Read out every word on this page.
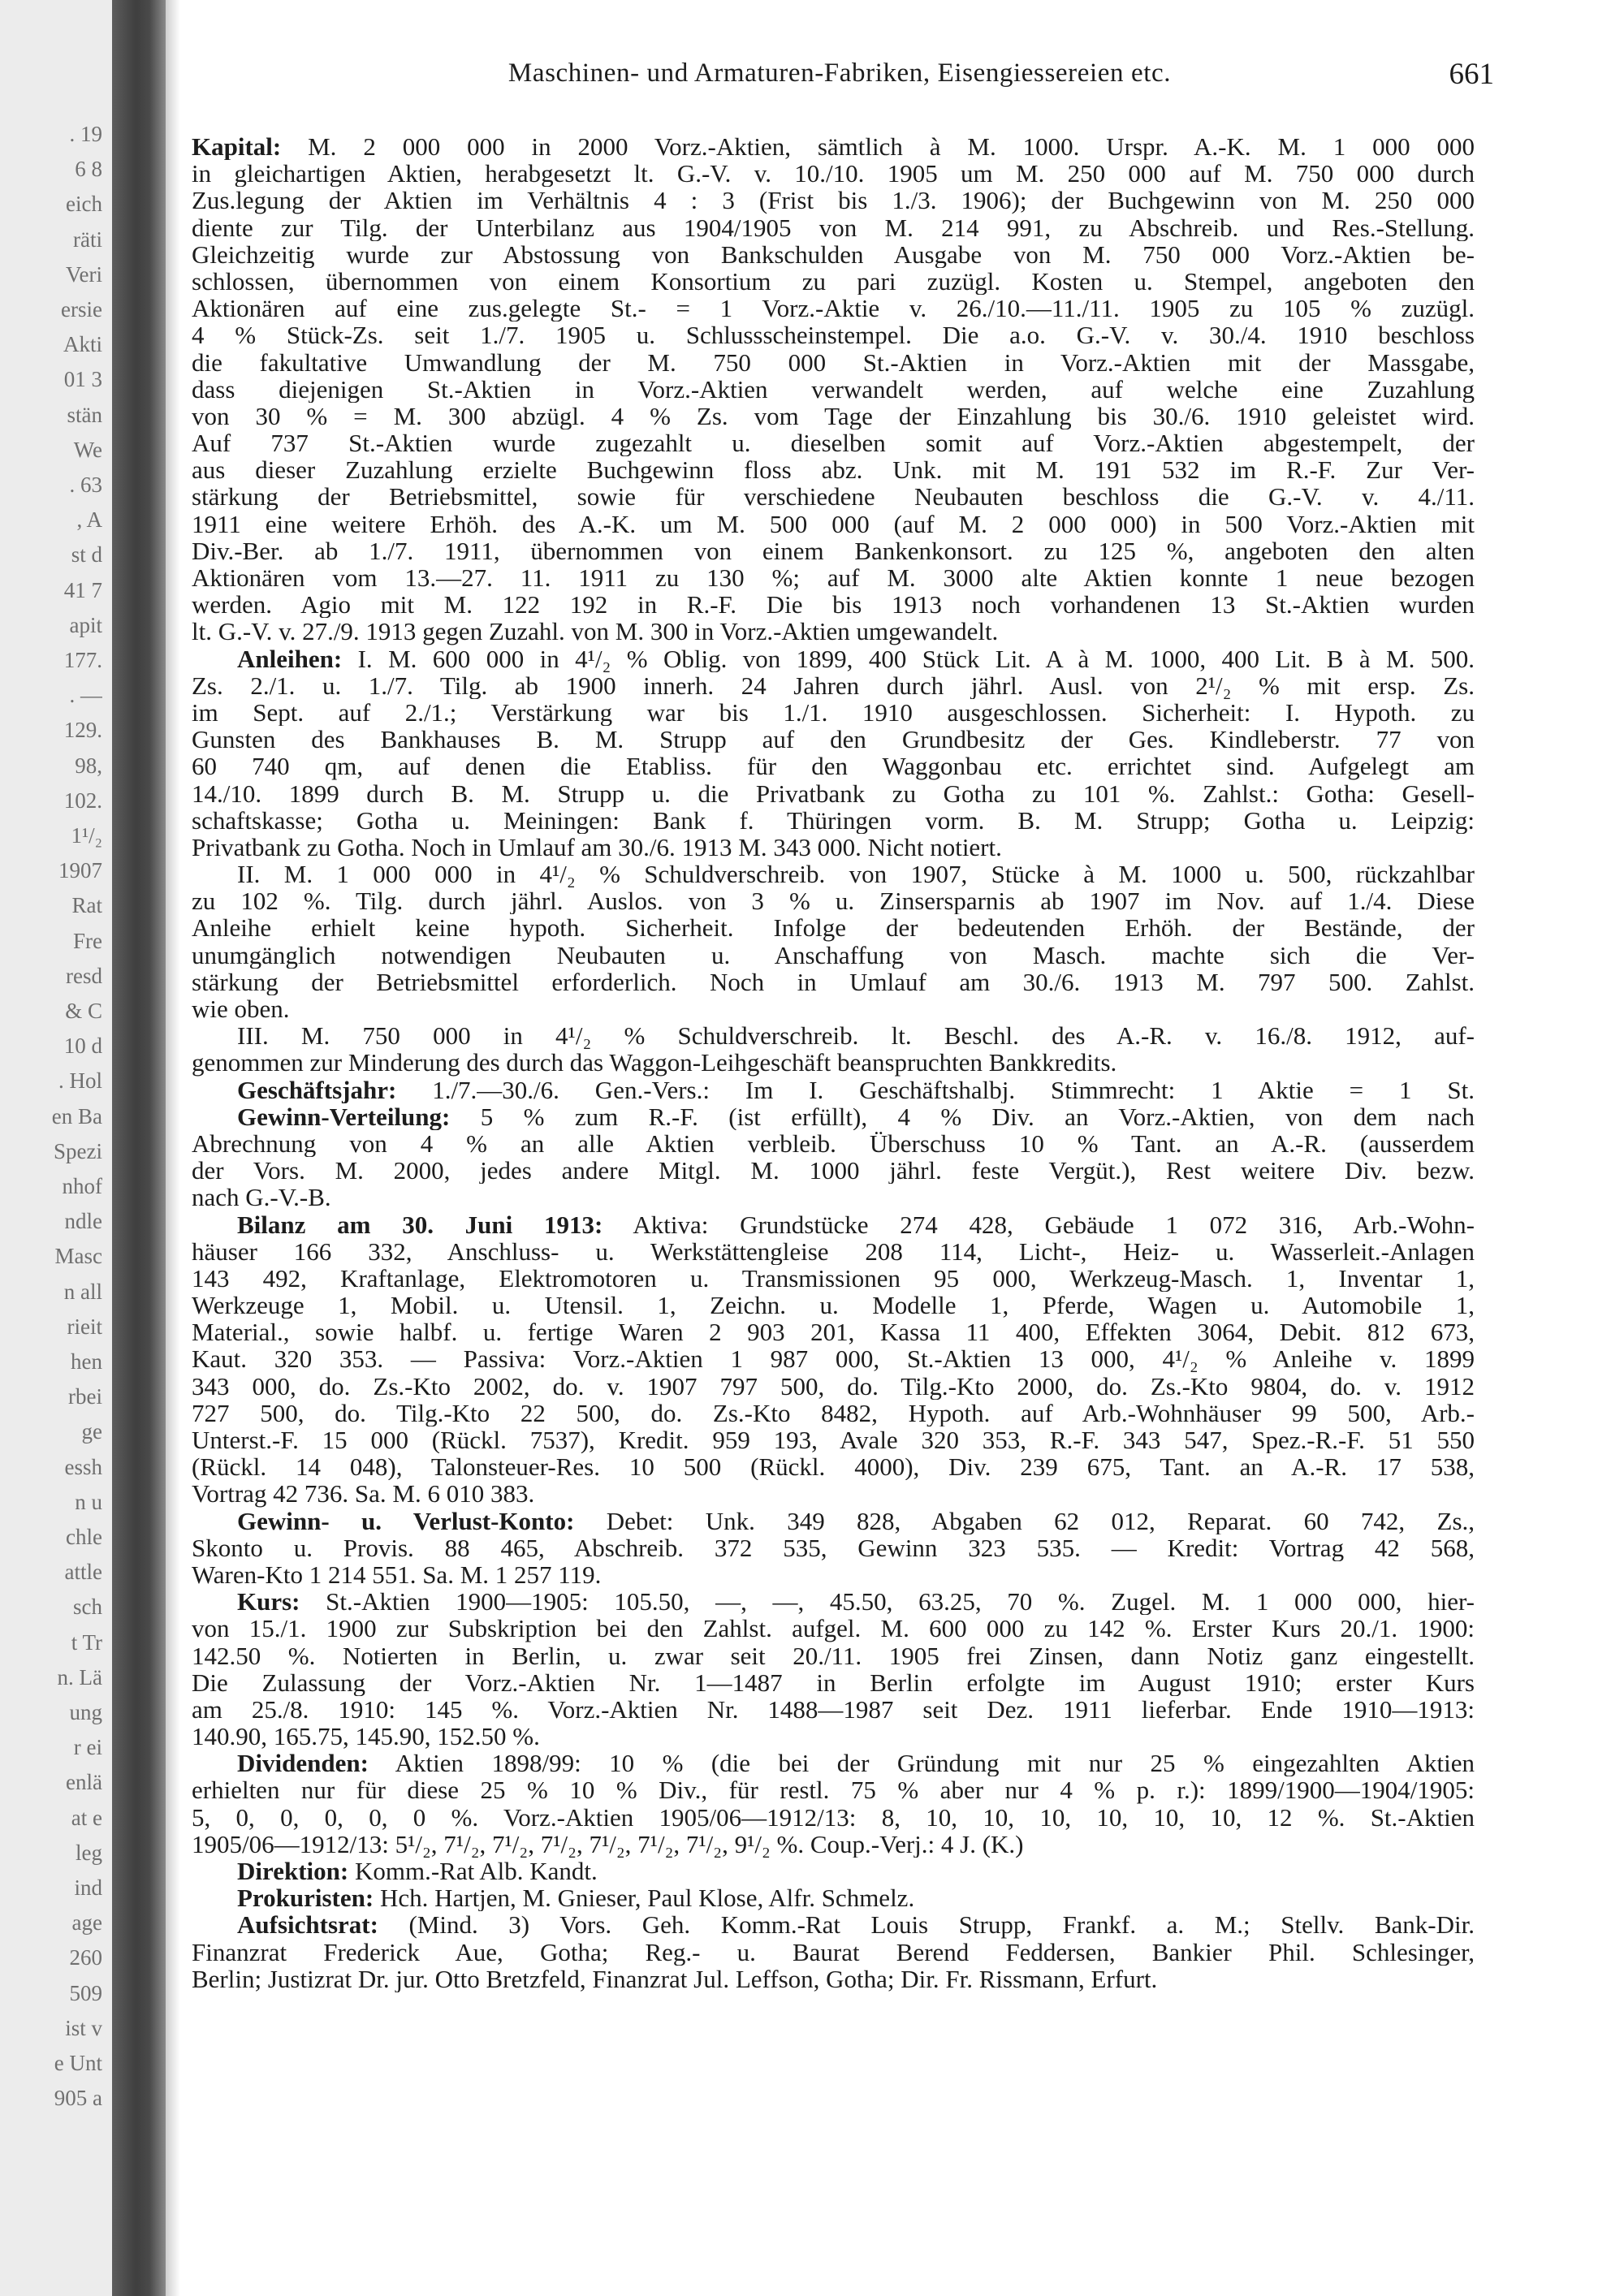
. 19
6 8
eich
räti
Veri
ersie
Akti
01 3
stän
We
. 63
, A
st d
41 7
apit
177.
. —
129.
98,
102.
1¹/₂
1907
Rat
Fre
resd
& C
10 d
. Hol
en Ba
Spezi
nhof
ndle
Masc
n all
rieit
hen
rbei
ge
essh
n u
chle
attle
sch
t Tr
n. Lä
ung
r ei
enlä
at e
leg
ind
age
260
509
ist v
e Unt
905 a
Maschinen- und Armaturen-Fabriken, Eisengiessereien etc.	661
Kapital: M. 2 000 000 in 2000 Vorz.-Aktien, sämtlich à M. 1000. Urspr. A.-K. M. 1 000 000
in gleichartigen Aktien, herabgesetzt lt. G.-V. v. 10./10. 1905 um M. 250 000 auf M. 750 000 durch
Zus.legung der Aktien im Verhältnis 4 : 3 (Frist bis 1./3. 1906); der Buchgewinn von M. 250 000
diente zur Tilg. der Unterbilanz aus 1904/1905 von M. 214 991, zu Abschreib. und Res.-Stellung.
Gleichzeitig wurde zur Abstossung von Bankschulden Ausgabe von M. 750 000 Vorz.-Aktien be-
schlossen, übernommen von einem Konsortium zu pari zuzügl. Kosten u. Stempel, angeboten den
Aktionären auf eine zus.gelegte St.- = 1 Vorz.-Aktie v. 26./10.—11./11. 1905 zu 105 % zuzügl.
4 % Stück-Zs. seit 1./7. 1905 u. Schlussscheinstempel. Die a.o. G.-V. v. 30./4. 1910 beschloss
die fakultative Umwandlung der M. 750 000 St.-Aktien in Vorz.-Aktien mit der Massgabe,
dass diejenigen St.-Aktien in Vorz.-Aktien verwandelt werden, auf welche eine Zuzahlung
von 30 % = M. 300 abzügl. 4 % Zs. vom Tage der Einzahlung bis 30./6. 1910 geleistet wird.
Auf 737 St.-Aktien wurde zugezahlt u. dieselben somit auf Vorz.-Aktien abgestempelt, der
aus dieser Zuzahlung erzielte Buchgewinn floss abz. Unk. mit M. 191 532 im R.-F. Zur Ver-
stärkung der Betriebsmittel, sowie für verschiedene Neubauten beschloss die G.-V. v. 4./11.
1911 eine weitere Erhöh. des A.-K. um M. 500 000 (auf M. 2 000 000) in 500 Vorz.-Aktien mit
Div.-Ber. ab 1./7. 1911, übernommen von einem Bankenkonsort. zu 125 %, angeboten den alten
Aktionären vom 13.—27. 11. 1911 zu 130 %; auf M. 3000 alte Aktien konnte 1 neue bezogen
werden. Agio mit M. 122 192 in R.-F. Die bis 1913 noch vorhandenen 13 St.-Aktien wurden
lt. G.-V. v. 27./9. 1913 gegen Zuzahl. von M. 300 in Vorz.-Aktien umgewandelt.
Anleihen: I. M. 600 000 in 4¹/₂ % Oblig. von 1899, 400 Stück Lit. A à M. 1000, 400 Lit. B à M. 500.
Zs. 2./1. u. 1./7. Tilg. ab 1900 innerh. 24 Jahren durch jährl. Ausl. von 2¹/₂ % mit ersp. Zs.
im Sept. auf 2./1.; Verstärkung war bis 1./1. 1910 ausgeschlossen. Sicherheit: I. Hypoth. zu
Gunsten des Bankhauses B. M. Strupp auf den Grundbesitz der Ges. Kindleberstr. 77 von
60 740 qm, auf denen die Etabliss. für den Waggonbau etc. errichtet sind. Aufgelegt am
14./10. 1899 durch B. M. Strupp u. die Privatbank zu Gotha zu 101 %. Zahlst.: Gotha: Gesell-
schaftskasse; Gotha u. Meiningen: Bank f. Thüringen vorm. B. M. Strupp; Gotha u. Leipzig:
Privatbank zu Gotha. Noch in Umlauf am 30./6. 1913 M. 343 000. Nicht notiert.
II. M. 1 000 000 in 4¹/₂ % Schuldverschreib. von 1907, Stücke à M. 1000 u. 500, rückzahlbar
zu 102 %. Tilg. durch jährl. Auslos. von 3 % u. Zinsersparnis ab 1907 im Nov. auf 1./4. Diese
Anleihe erhielt keine hypoth. Sicherheit. Infolge der bedeutenden Erhöh. der Bestände, der
unumgänglich notwendigen Neubauten u. Anschaffung von Masch. machte sich die Ver-
stärkung der Betriebsmittel erforderlich. Noch in Umlauf am 30./6. 1913 M. 797 500. Zahlst.
wie oben.
III. M. 750 000 in 4¹/₂ % Schuldverschreib. lt. Beschl. des A.-R. v. 16./8. 1912, auf-
genommen zur Minderung des durch das Waggon-Leihgeschäft beanspruchten Bankkredits.
Geschäftsjahr: 1./7.—30./6. Gen.-Vers.: Im I. Geschäftshalbj. Stimmrecht: 1 Aktie = 1 St.
Gewinn-Verteilung: 5 % zum R.-F. (ist erfüllt), 4 % Div. an Vorz.-Aktien, von dem nach
Abrechnung von 4 % an alle Aktien verbleib. Überschuss 10 % Tant. an A.-R. (ausserdem
der Vors. M. 2000, jedes andere Mitgl. M. 1000 jährl. feste Vergüt.), Rest weitere Div. bezw.
nach G.-V.-B.
Bilanz am 30. Juni 1913: Aktiva: Grundstücke 274 428, Gebäude 1 072 316, Arb.-Wohn-
häuser 166 332, Anschluss- u. Werkstättengleise 208 114, Licht-, Heiz- u. Wasserleit.-Anlagen
143 492, Kraftanlage, Elektromotoren u. Transmissionen 95 000, Werkzeug-Masch. 1, Inventar 1,
Werkzeuge 1, Mobil. u. Utensil. 1, Zeichn. u. Modelle 1, Pferde, Wagen u. Automobile 1,
Material., sowie halbf. u. fertige Waren 2 903 201, Kassa 11 400, Effekten 3064, Debit. 812 673,
Kaut. 320 353. — Passiva: Vorz.-Aktien 1 987 000, St.-Aktien 13 000, 4¹/₂ % Anleihe v. 1899
343 000, do. Zs.-Kto 2002, do. v. 1907 797 500, do. Tilg.-Kto 2000, do. Zs.-Kto 9804, do. v. 1912
727 500, do. Tilg.-Kto 22 500, do. Zs.-Kto 8482, Hypoth. auf Arb.-Wohnhäuser 99 500, Arb.-
Unterst.-F. 15 000 (Rückl. 7537), Kredit. 959 193, Avale 320 353, R.-F. 343 547, Spez.-R.-F. 51 550
(Rückl. 14 048), Talonsteuer-Res. 10 500 (Rückl. 4000), Div. 239 675, Tant. an A.-R. 17 538,
Vortrag 42 736. Sa. M. 6 010 383.
Gewinn- u. Verlust-Konto: Debet: Unk. 349 828, Abgaben 62 012, Reparat. 60 742, Zs.,
Skonto u. Provis. 88 465, Abschreib. 372 535, Gewinn 323 535. — Kredit: Vortrag 42 568,
Waren-Kto 1 214 551. Sa. M. 1 257 119.
Kurs: St.-Aktien 1900—1905: 105.50, —, —, 45.50, 63.25, 70 %. Zugel. M. 1 000 000, hier-
von 15./1. 1900 zur Subskription bei den Zahlst. aufgel. M. 600 000 zu 142 %. Erster Kurs 20./1. 1900:
142.50 %. Notierten in Berlin, u. zwar seit 20./11. 1905 frei Zinsen, dann Notiz ganz eingestellt.
Die Zulassung der Vorz.-Aktien Nr. 1—1487 in Berlin erfolgte im August 1910; erster Kurs
am 25./8. 1910: 145 %. Vorz.-Aktien Nr. 1488—1987 seit Dez. 1911 lieferbar. Ende 1910—1913:
140.90, 165.75, 145.90, 152.50 %.
Dividenden: Aktien 1898/99: 10 % (die bei der Gründung mit nur 25 % eingezahlten Aktien
erhielten nur für diese 25 % 10 % Div., für restl. 75 % aber nur 4 % p. r.): 1899/1900—1904/1905:
5, 0, 0, 0, 0, 0 %. Vorz.-Aktien 1905/06—1912/13: 8, 10, 10, 10, 10, 10, 10, 12 %. St.-Aktien
1905/06—1912/13: 5¹/₂, 7¹/₂, 7¹/₂, 7¹/₂, 7¹/₂, 7¹/₂, 7¹/₂, 9¹/₂ %. Coup.-Verj.: 4 J. (K.)
Direktion: Komm.-Rat Alb. Kandt.
Prokuristen: Hch. Hartjen, M. Gnieser, Paul Klose, Alfr. Schmelz.
Aufsichtsrat: (Mind. 3) Vors. Geh. Komm.-Rat Louis Strupp, Frankf. a. M.; Stellv. Bank-Dir.
Finanzrat Frederick Aue, Gotha; Reg.- u. Baurat Berend Feddersen, Bankier Phil. Schlesinger,
Berlin; Justizrat Dr. jur. Otto Bretzfeld, Finanzrat Jul. Leffson, Gotha; Dir. Fr. Rissmann, Erfurt.
